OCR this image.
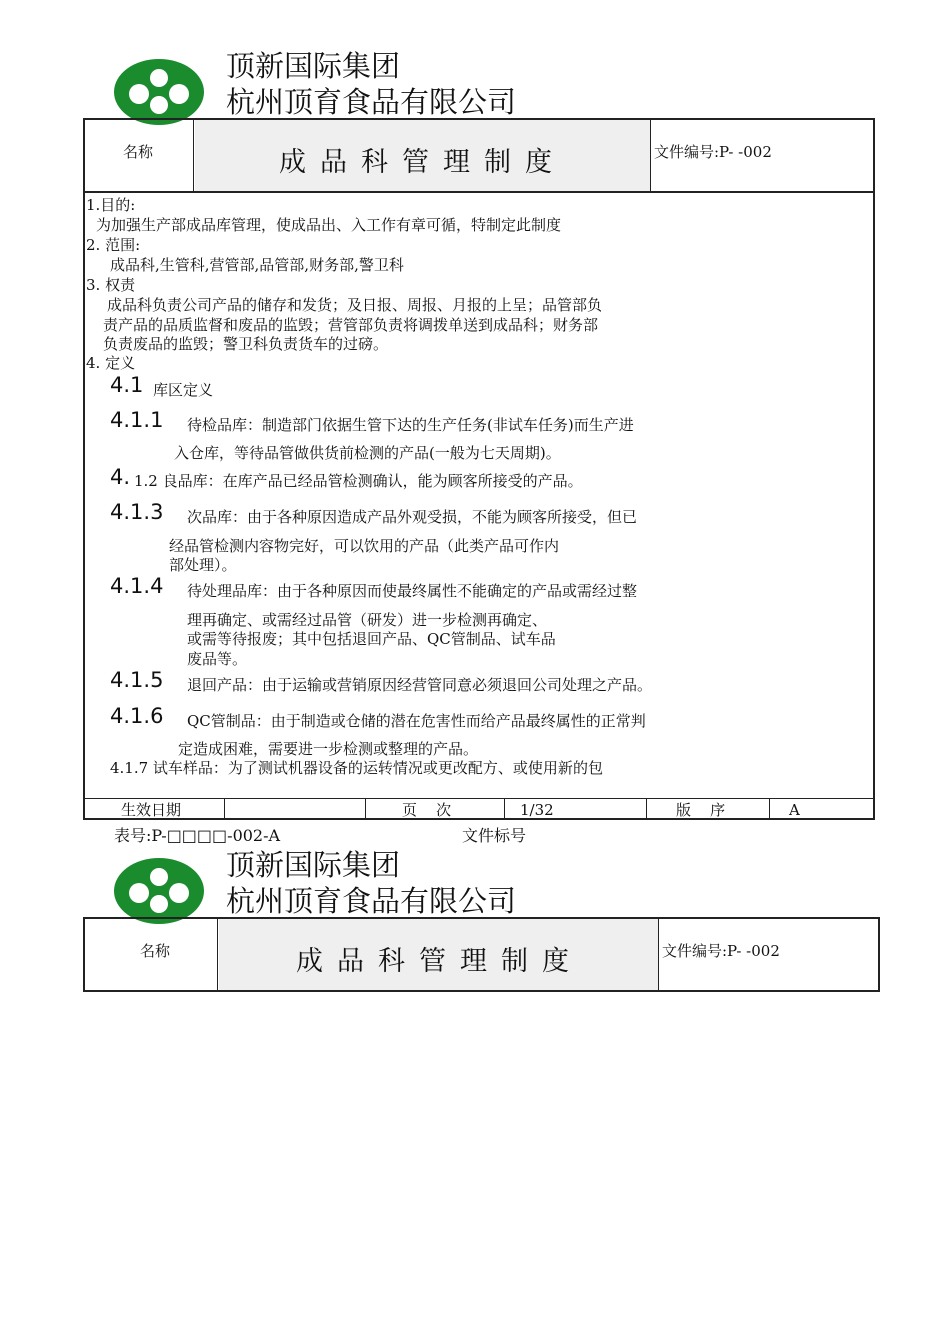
顶新国际集团
杭州顶育食品有限公司
名称	成品科管理制度	文件编号:P- -002
1.目的:
为加强生产部成品库管理，使成品出、入工作有章可循，特制定此制度
2. 范围:
成品科,生管科,营管部,品管部,财务部,警卫科
3. 权责
成品科负责公司产品的储存和发货；及日报、周报、月报的上呈；品管部负
责产品的品质监督和废品的监毁；营管部负责将调拨单送到成品科；财务部
负责废品的监毁；警卫科负责货车的过磅。
4. 定义
4.1 库区定义
4.1.1 待检品库：制造部门依据生管下达的生产任务(非试车任务)而生产进
入仓库，等待品管做供货前检测的产品(一般为七天周期)。
4. 1.2 良品库：在库产品已经品管检测确认，能为顾客所接受的产品。
4.1.3 次品库：由于各种原因造成产品外观受损，不能为顾客所接受，但已
经品管检测内容物完好，可以饮用的产品（此类产品可作内
部处理）。
4.1.4 待处理品库：由于各种原因而使最终属性不能确定的产品或需经过整
理再确定、或需经过品管（研发）进一步检测再确定、
或需等待报废；其中包括退回产品、QC管制品、试车品
废品等。
4.1.5 退回产品：由于运输或营销原因经营管同意必须退回公司处理之产品。
4.1.6 QC管制品：由于制造或仓储的潜在危害性而给产品最终属性的正常判
定造成困难，需要进一步检测或整理的产品。
4.1.7 试车样品：为了测试机器设备的运转情况或更改配方、或使用新的包
生效日期	页    次	1/32	版    序	A
表号:P-□□□□-002-A	文件标号
顶新国际集团
杭州顶育食品有限公司
名称	成品科管理制度	文件编号:P- -002
